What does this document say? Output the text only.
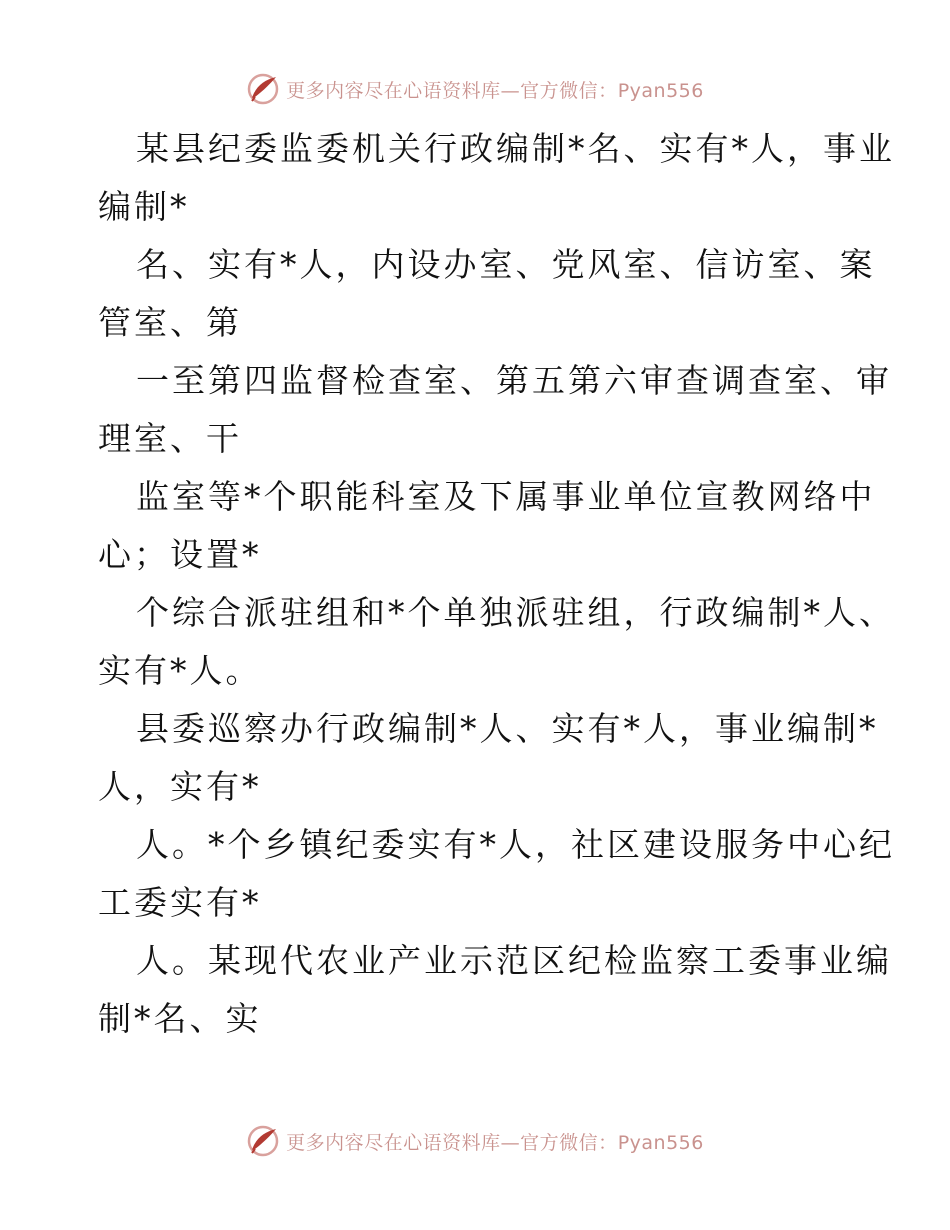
更多内容尽在心语资料库—官方微信：Pyan556
某县纪委监委机关行政编制*名、实有*人，事业
编制*
名、实有*人，内设办室、党风室、信访室、案
管室、第
一至第四监督检查室、第五第六审查调查室、审
理室、干
监室等*个职能科室及下属事业单位宣教网络中
心；设置*
个综合派驻组和*个单独派驻组，行政编制*人、
实有*人。
县委巡察办行政编制*人、实有*人，事业编制*
人，实有*
人。*个乡镇纪委实有*人，社区建设服务中心纪
工委实有*
人。某现代农业产业示范区纪检监察工委事业编
制*名、实
更多内容尽在心语资料库—官方微信：Pyan556
